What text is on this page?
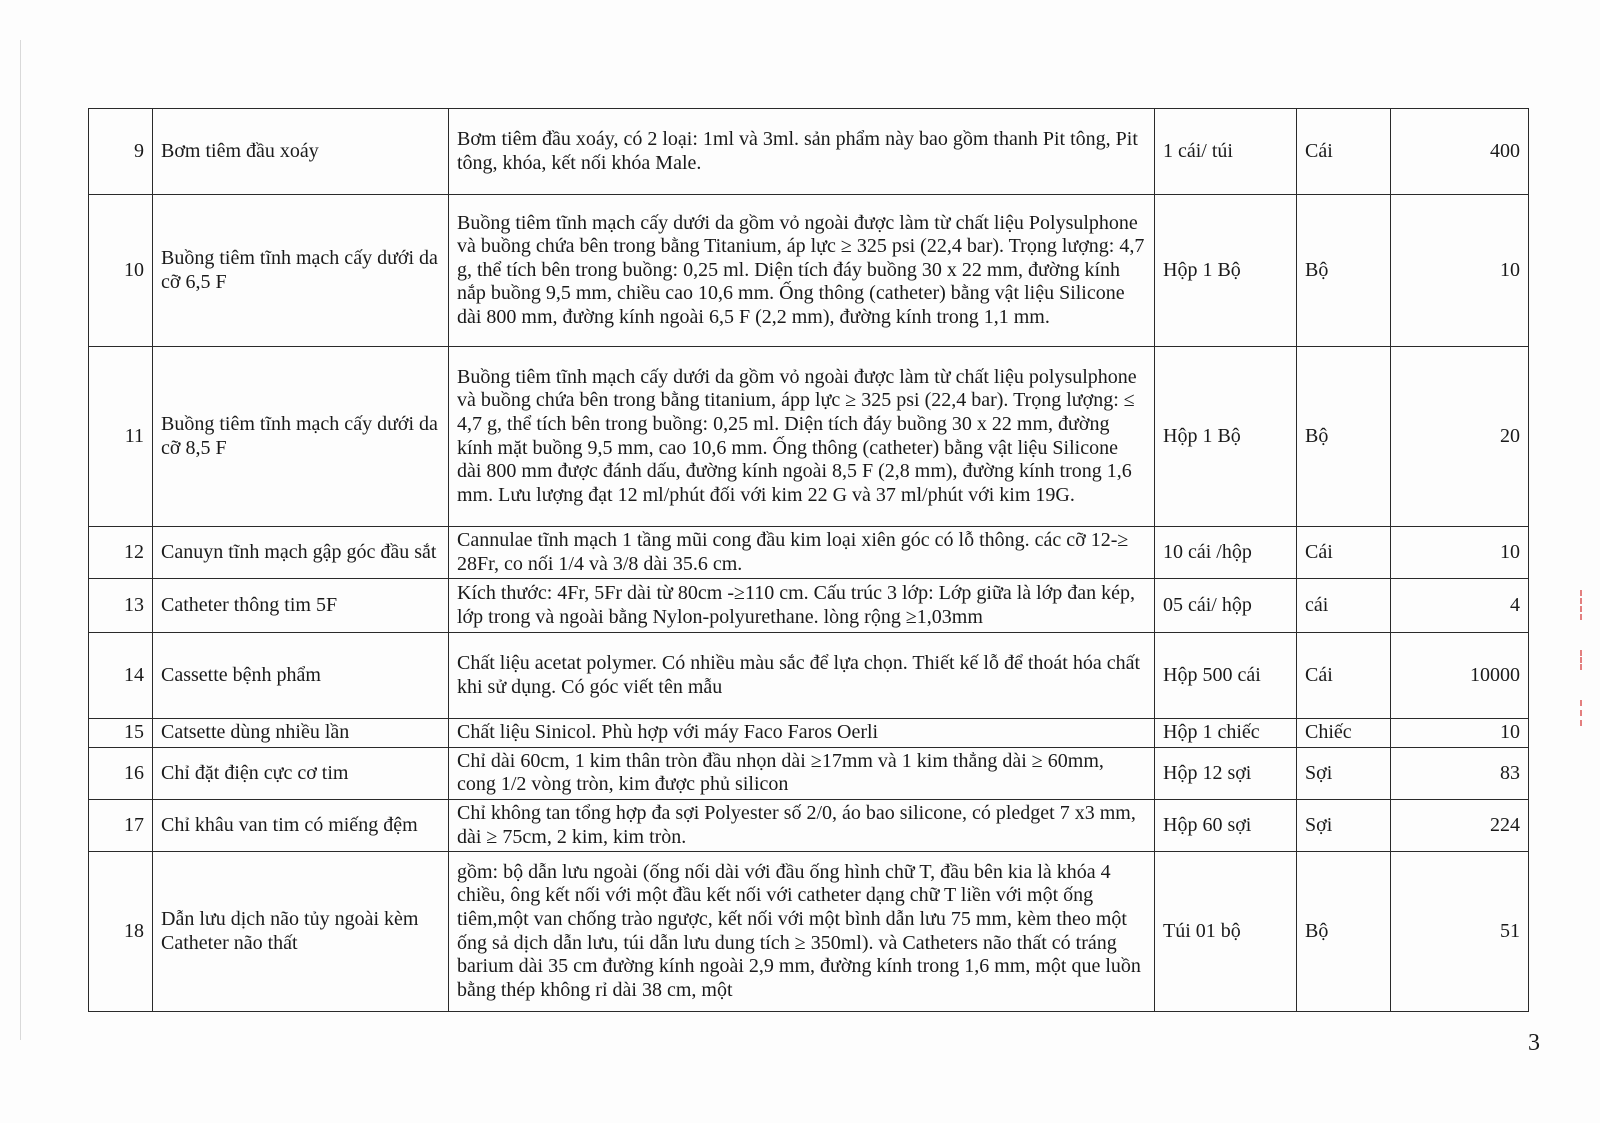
9	Bơm tiêm đầu xoáy	Bơm tiêm đầu xoáy, có 2 loại: 1ml và 3ml. sản phẩm này bao gồm thanh Pit tông, Pit tông, khóa, kết nối khóa Male.	1 cái/ túi	Cái	400
10	Buồng tiêm tĩnh mạch cấy dưới da cỡ 6,5 F	Buồng tiêm tĩnh mạch cấy dưới da gồm vỏ ngoài được làm từ chất liệu Polysulphone và buồng chứa bên trong bằng Titanium, áp lực ≥ 325 psi (22,4 bar). Trọng lượng: 4,7 g, thể tích bên trong buồng: 0,25 ml. Diện tích đáy buồng 30 x 22 mm, đường kính nắp buồng 9,5 mm, chiều cao 10,6 mm. Ống thông (catheter) bằng vật liệu Silicone dài 800 mm, đường kính ngoài 6,5 F (2,2 mm), đường kính trong 1,1 mm.	Hộp 1 Bộ	Bộ	10
11	Buồng tiêm tĩnh mạch cấy dưới da cỡ 8,5 F	Buồng tiêm tĩnh mạch cấy dưới da gồm vỏ ngoài được làm từ chất liệu polysulphone và buồng chứa bên trong bằng titanium, ápp lực ≥ 325 psi (22,4 bar). Trọng lượng: ≤ 4,7 g, thể tích bên trong buồng: 0,25 ml. Diện tích đáy buồng 30 x 22 mm, đường kính mặt buồng 9,5 mm, cao 10,6 mm. Ống thông (catheter) bằng vật liệu Silicone dài 800 mm được đánh dấu, đường kính ngoài 8,5 F (2,8 mm), đường kính trong 1,6 mm. Lưu lượng đạt 12 ml/phút đối với kim 22 G và 37 ml/phút với kim 19G.	Hộp 1 Bộ	Bộ	20
12	Canuyn tĩnh mạch gập góc đầu sắt	Cannulae tĩnh mạch 1 tầng mũi cong đầu kim loại xiên góc có lỗ thông. các cỡ 12-≥ 28Fr, co nối 1/4 và 3/8 dài 35.6 cm.	10 cái /hộp	Cái	10
13	Catheter thông tim 5F	Kích thước: 4Fr, 5Fr dài từ 80cm -≥110 cm. Cấu trúc 3 lớp: Lớp giữa là lớp đan kép, lớp trong và ngoài bằng Nylon-polyurethane. lòng rộng ≥1,03mm	05 cái/ hộp	cái	4
14	Cassette bệnh phẩm	Chất liệu acetat polymer. Có nhiều màu sắc để lựa chọn. Thiết kế lỗ để thoát hóa chất khi sử dụng. Có góc viết tên mẫu	Hộp 500 cái	Cái	10000
15	Catsette dùng nhiều lần	Chất liệu Sinicol. Phù hợp với máy Faco Faros Oerli	Hộp 1 chiếc	Chiếc	10
16	Chỉ đặt điện cực cơ tim	Chỉ dài 60cm, 1 kim thân tròn đầu nhọn dài ≥17mm và 1 kim thẳng dài ≥ 60mm, cong 1/2 vòng tròn, kim được phủ silicon	Hộp 12 sợi	Sợi	83
17	Chỉ khâu van tim có miếng đệm	Chỉ không tan tổng hợp đa sợi Polyester số 2/0, áo bao silicone, có pledget 7 x3 mm, dài ≥ 75cm, 2 kim, kim tròn.	Hộp 60 sợi	Sợi	224
18	Dẫn lưu dịch não tủy ngoài kèm Catheter não thất	gồm: bộ dẫn lưu ngoài (ống nối dài với đầu ống hình chữ T, đầu bên kia là khóa 4 chiều, ông kết nối với một đầu kết nối với catheter dạng chữ T liền với một ống tiêm,một van chống trào ngược, kết nối với một bình dẫn lưu 75 mm, kèm theo một ống sả dịch dẫn lưu, túi dẫn lưu dung tích ≥ 350ml). và Catheters não thất có tráng barium dài 35 cm đường kính ngoài 2,9 mm, đường kính trong 1,6 mm, một que luồn bằng thép không rỉ dài 38 cm, một	Túi 01 bộ	Bộ	51
3
